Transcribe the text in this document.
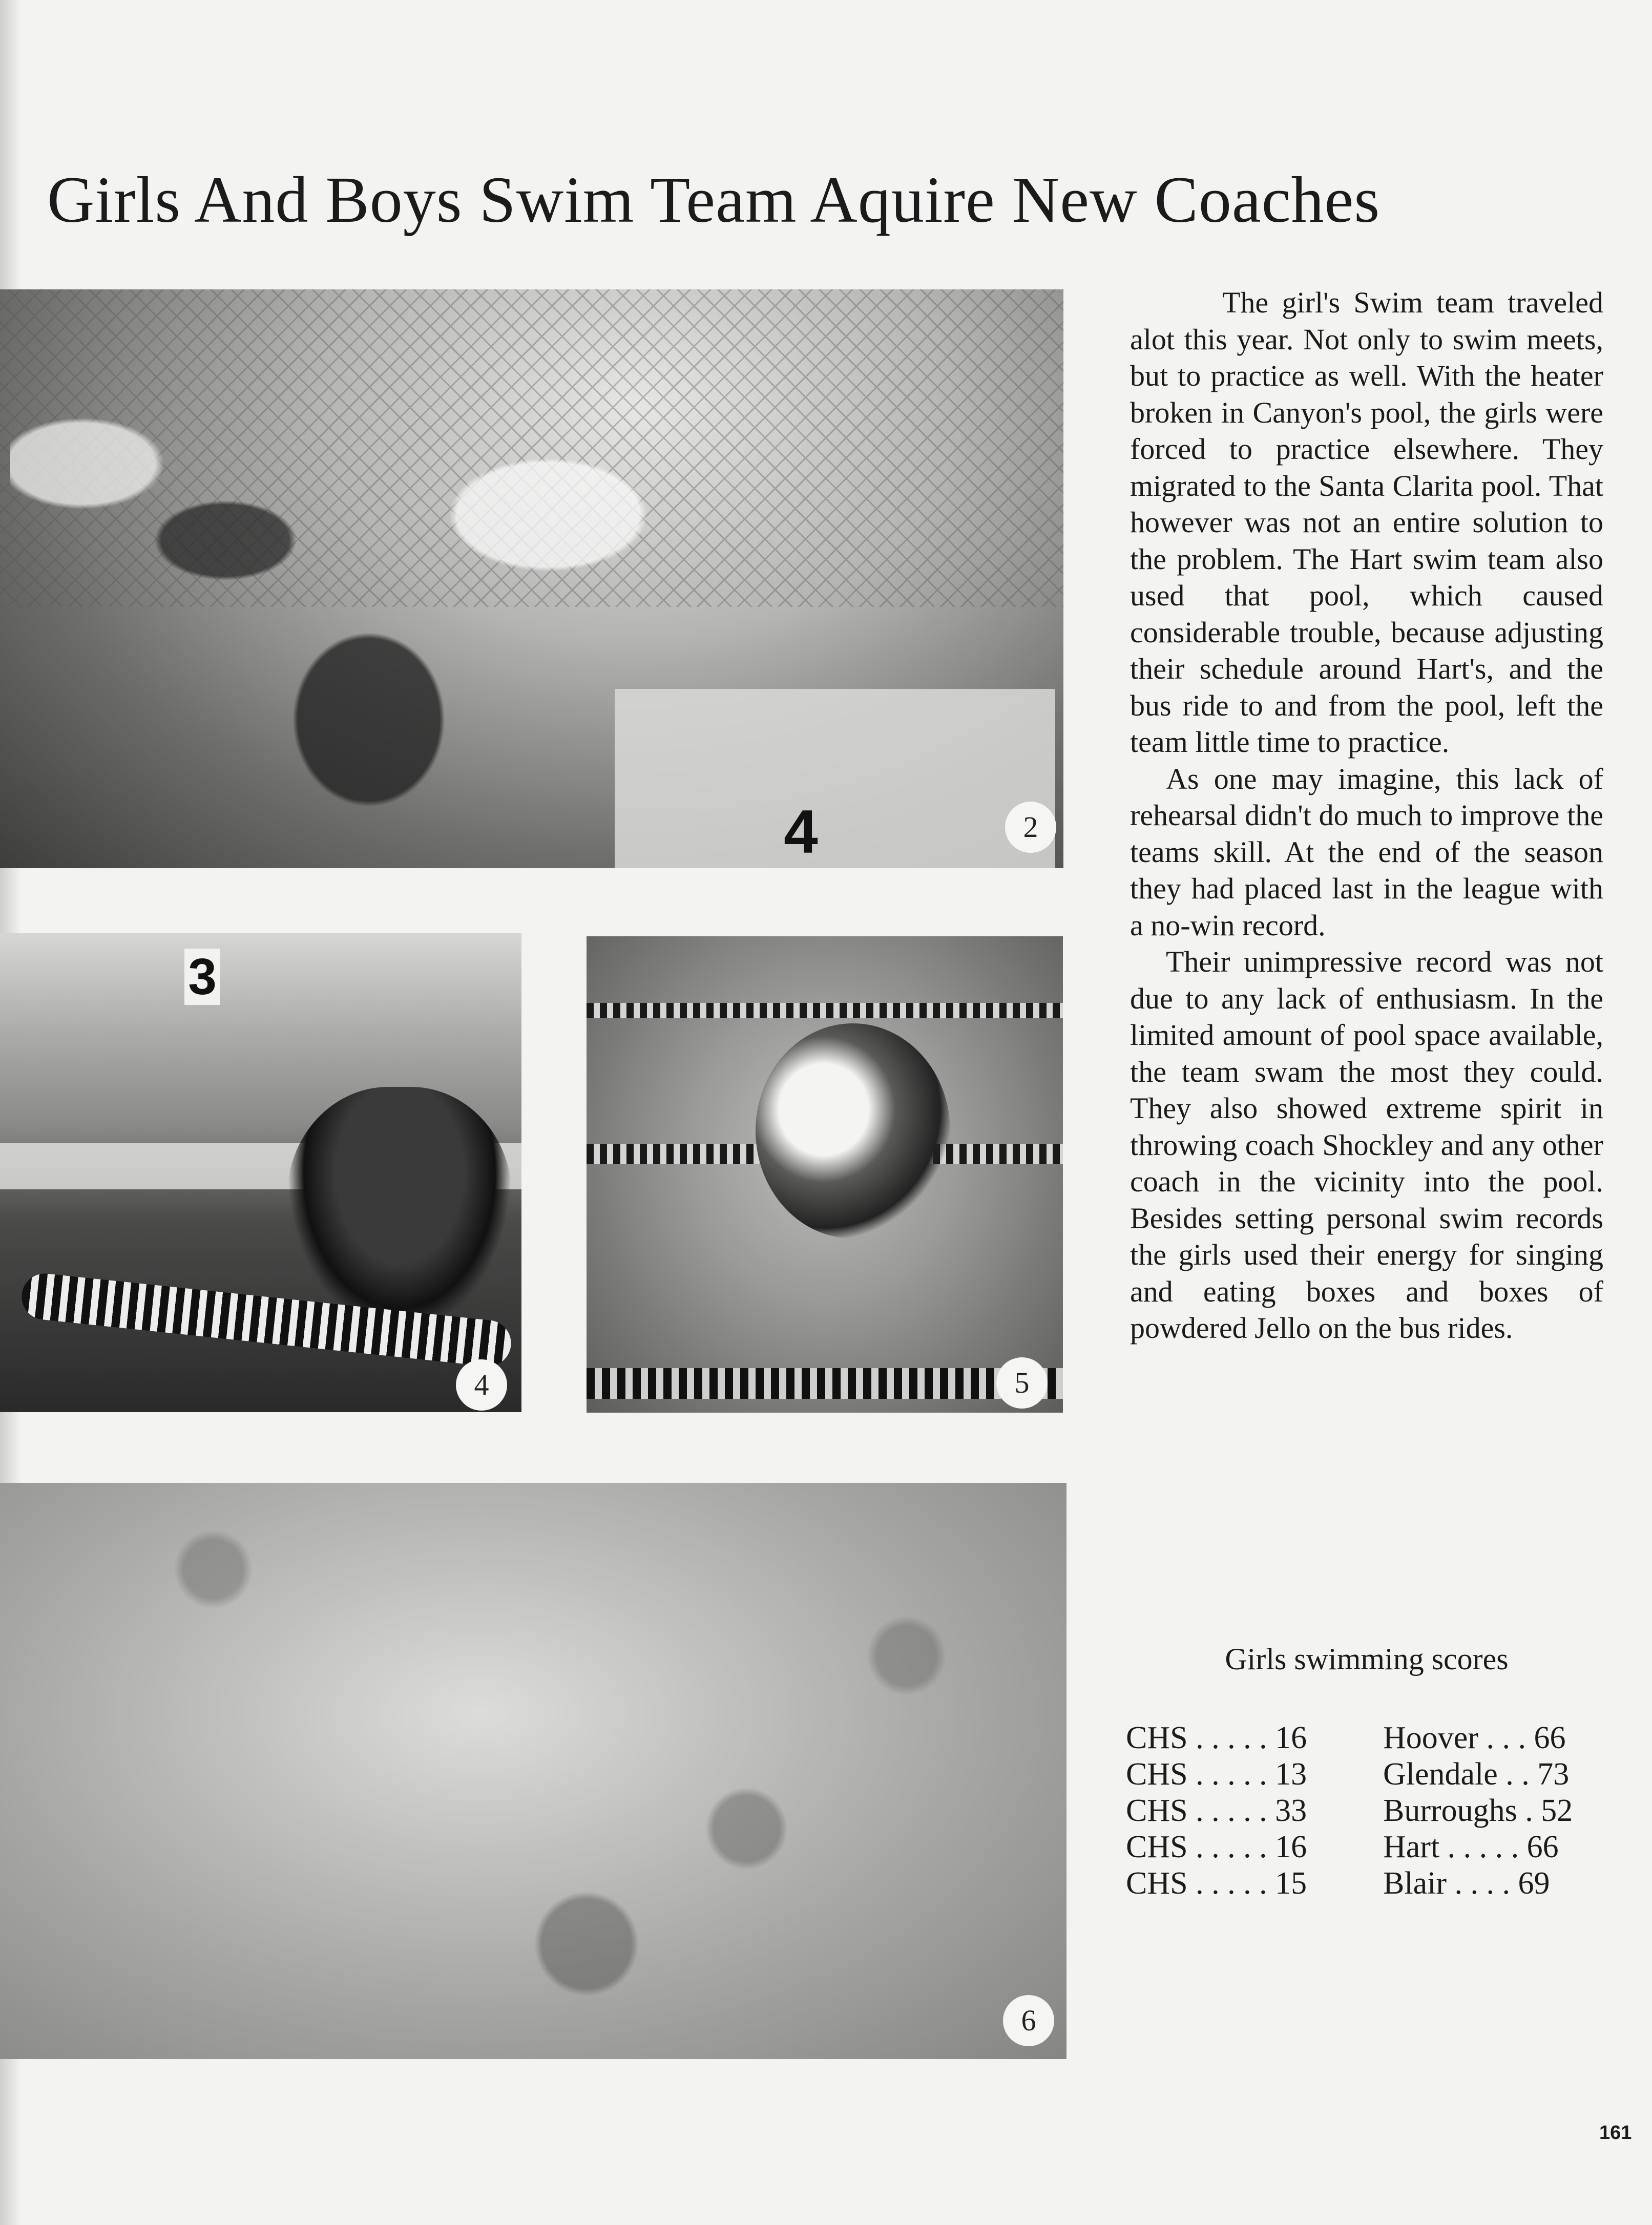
Girls And Boys Swim Team Aquire New Coaches
4	2
3
4	5
6

The girl's Swim team traveled alot this year. Not only to swim meets, but to practice as well. With the heater broken in Canyon's pool, the girls were forced to practice elsewhere. They migrated to the Santa Clarita pool. That however was not an entire solution to the problem. The Hart swim team also used that pool, which caused considerable trouble, because adjusting their schedule around Hart's, and the bus ride to and from the pool, left the team little time to practice.

As one may imagine, this lack of rehearsal didn't do much to improve the teams skill. At the end of the season they had placed last in the league with a no-win record.

Their unimpressive record was not due to any lack of enthusiasm. In the limited amount of pool space available, the team swam the most they could. They also showed extreme spirit in throwing coach Shockley and any other coach in the vicinity into the pool. Besides setting personal swim records the girls used their energy for singing and eating boxes and boxes of powdered Jello on the bus rides.

Girls swimming scores

CHS . . . . . 16 Hoover . . . 66
CHS . . . . . 13 Glendale . . 73
CHS . . . . . 33 Burroughs . 52
CHS . . . . . 16 Hart . . . . . 66
CHS . . . . . 15 Blair . . . . 69
161
